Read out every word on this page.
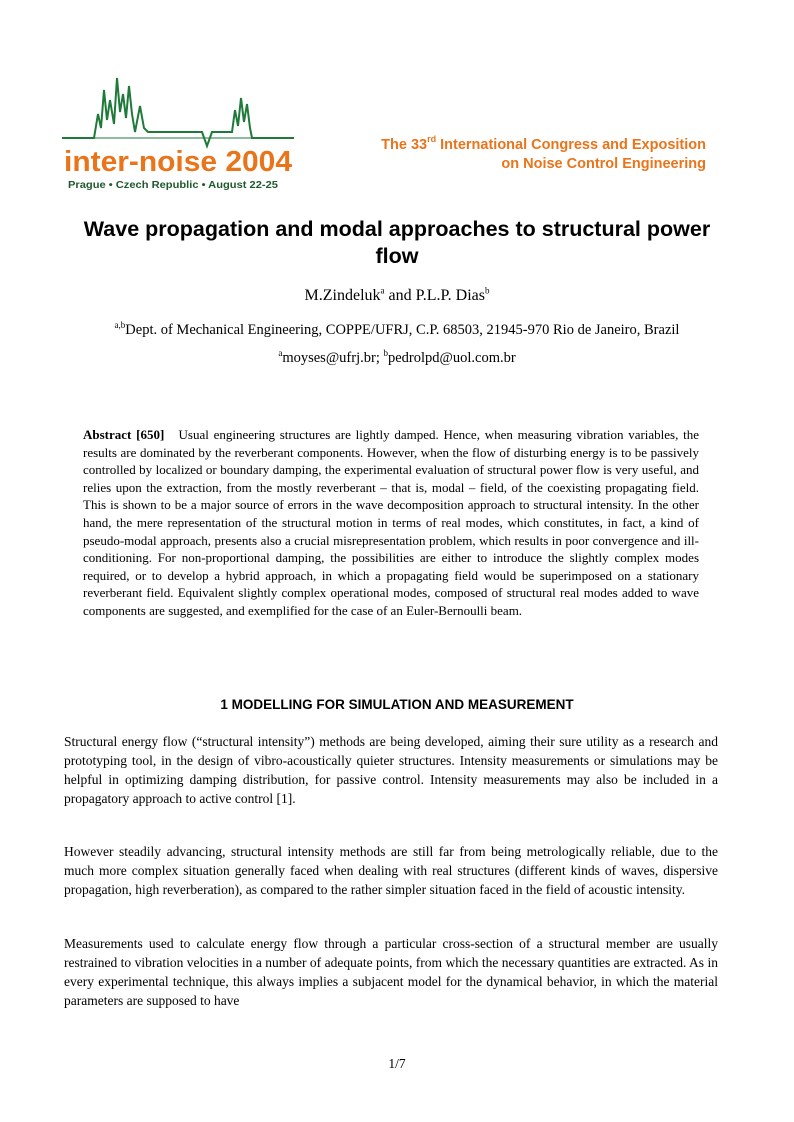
inter-noise 2004
Prague • Czech Republic • August 22-25
The 33rd International Congress and Exposition
on Noise Control Engineering
Wave propagation and modal approaches to structural power flow
M.Zindeluk$^a$ and P.L.P. Dias$^b$
$^{a,b}$Dept. of Mechanical Engineering, COPPE/UFRJ, C.P. 68503, 21945-970 Rio de Janeiro, Brazil
$^a$moyses@ufrj.br; $^b$pedrolpd@uol.com.br
Abstract [650] Usual engineering structures are lightly damped. Hence, when measuring vibration variables, the results are dominated by the reverberant components. However, when the flow of disturbing energy is to be passively controlled by localized or boundary damping, the experimental evaluation of structural power flow is very useful, and relies upon the extraction, from the mostly reverberant – that is, modal – field, of the coexisting propagating field. This is shown to be a major source of errors in the wave decomposition approach to structural intensity. In the other hand, the mere representation of the structural motion in terms of real modes, which constitutes, in fact, a kind of pseudo-modal approach, presents also a crucial misrepresentation problem, which results in poor convergence and ill-conditioning. For non-proportional damping, the possibilities are either to introduce the slightly complex modes required, or to develop a hybrid approach, in which a propagating field would be superimposed on a stationary reverberant field. Equivalent slightly complex operational modes, composed of structural real modes added to wave components are suggested, and exemplified for the case of an Euler-Bernoulli beam.
1 MODELLING FOR SIMULATION AND MEASUREMENT
Structural energy flow (“structural intensity”) methods are being developed, aiming their sure utility as a research and prototyping tool, in the design of vibro-acoustically quieter structures. Intensity measurements or simulations may be helpful in optimizing damping distribution, for passive control. Intensity measurements may also be included in a propagatory approach to active control [1].
However steadily advancing, structural intensity methods are still far from being metrologically reliable, due to the much more complex situation generally faced when dealing with real structures (different kinds of waves, dispersive propagation, high reverberation), as compared to the rather simpler situation faced in the field of acoustic intensity.
Measurements used to calculate energy flow through a particular cross-section of a structural member are usually restrained to vibration velocities in a number of adequate points, from which the necessary quantities are extracted. As in every experimental technique, this always implies a subjacent model for the dynamical behavior, in which the material parameters are supposed to have
1/7
